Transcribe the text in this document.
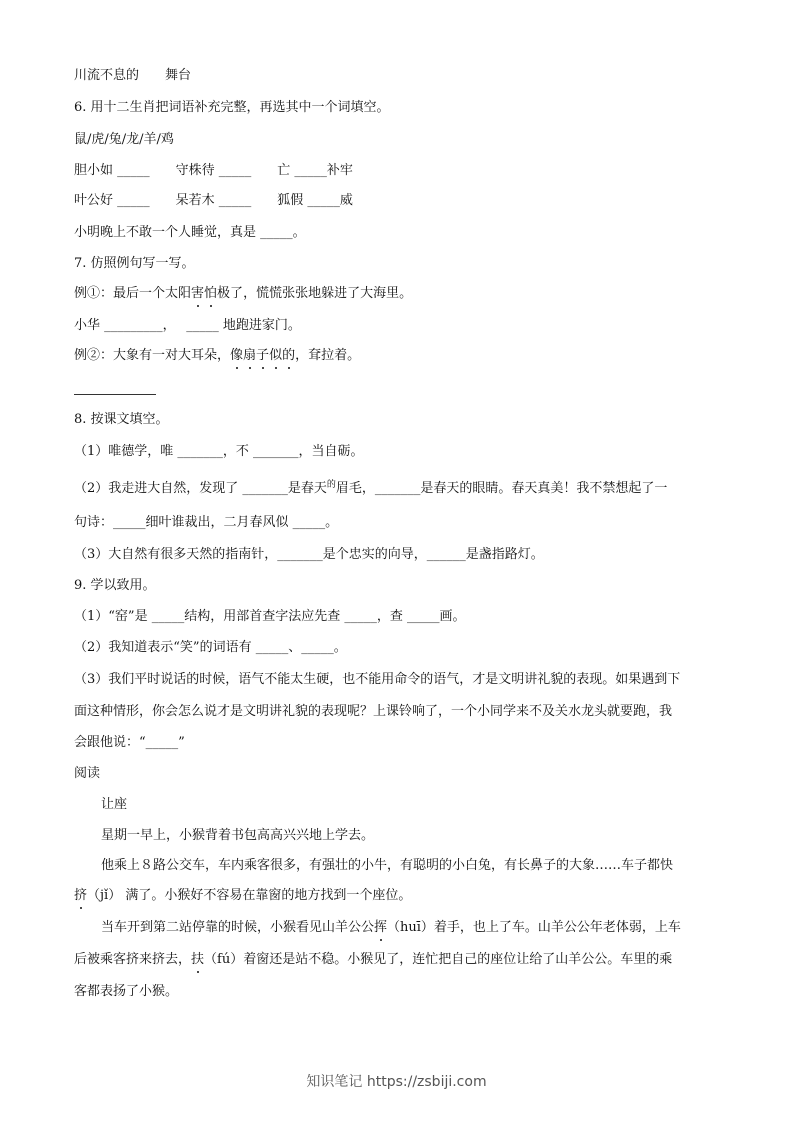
川流不息的　　舞台
6. 用十二生肖把词语补充完整，再选其中一个词填空。
鼠/虎/兔/龙/羊/鸡
胆小如 _____　　守株待 _____　　亡 _____补牢
叶公好 _____　　呆若木 _____　　狐假 _____威
小明晚上不敢一个人睡觉，真是 _____。
7. 仿照例句写一写。
例①：最后一个太阳害怕极了，慌慌张张地躲进了大海里。
小华 _________，　 _____ 地跑进家门。
例②：大象有一对大耳朵，像扇子似的，耷拉着。
8. 按课文填空。
（1）唯德学，唯 _______，不 _______，当自砺。
（2）我走进大自然，发现了 _______是春天$^的$眉毛，_______是春天的眼睛。春天真美！我不禁想起了一
句诗：_____细叶谁裁出，二月春风似 _____。
（3）大自然有很多天然的指南针，_______是个忠实的向导，______是盏指路灯。
9. 学以致用。
（1）“窑”是 _____结构，用部首查字法应先查 _____，查 _____画。
（2）我知道表示“笑”的词语有 _____、_____。
（3）我们平时说话的时候，语气不能太生硬，也不能用命令的语气，才是文明讲礼貌的表现。如果遇到下
面这种情形，你会怎么说才是文明讲礼貌的表现呢？上课铃响了，一个小同学来不及关水龙头就要跑，我
会跟他说：“_____”
阅读
让座
星期一早上，小猴背着书包高高兴兴地上学去。
他乘上８路公交车，车内乘客很多，有强壮的小牛，有聪明的小白兔，有长鼻子的大象……车子都快
挤（jǐ） 满了。小猴好不容易在靠窗的地方找到一个座位。
当车开到第二站停靠的时候，小猴看见山羊公公挥（huī）着手，也上了车。山羊公公年老体弱，上车
后被乘客挤来挤去，扶（fú）着窗还是站不稳。小猴见了，连忙把自己的座位让给了山羊公公。车里的乘
客都表扬了小猴。
知识笔记 https://zsbiji.com
